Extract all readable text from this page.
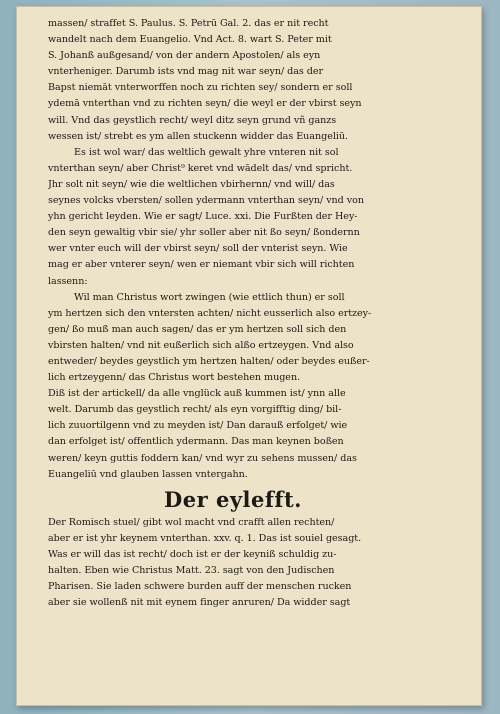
massen/ straffet S. Paulus. S. Petrū Gal. 2. das er nit recht
wandelt nach dem Euangelio. Vnd Act. 8. wart S. Peter mit
S. Johanß außgesand/ von der andern Apostolen/ als eyn
vnterheniger. Darumb ists vnd mag nit war seyn/ das der
Bapst niemāt vnterworffen noch zu richten sey/ sondern er soll
ydemā vnterthan vnd zu richten seyn/ die weyl er der vbirst seyn
will. Vnd das geystlich recht/ weyl ditz seyn grund vñ ganzs
wessen ist/ strebt es ym allen stuckenn widder das Euangeliū.
Es ist wol war/ das weltlich gewalt yhre vnteren nit sol
vnterthan seyn/ aber Christ⁹ keret vnd wādelt das/ vnd spricht.
Jhr solt nit seyn/ wie die weltlichen vbirhernn/ vnd will/ das
seynes volcks vbersten/ sollen ydermann vnterthan seyn/ vnd von
yhn gericht leyden. Wie er sagt/ Luce. xxi. Die Furßten der Hey-
den seyn gewaltig vbir sie/ yhr soller aber nit ßo seyn/ ßondernn
wer vnter euch will der vbirst seyn/ soll der vnterist seyn. Wie
mag er aber vnterer seyn/ wen er niemant vbir sich will richten
lassenn:
Wil man Christus wort zwingen (wie ettlich thun) er soll
ym hertzen sich den vntersten achten/ nicht eusserlich also ertzey-
gen/ ßo muß man auch sagen/ das er ym hertzen soll sich den
vbirsten halten/ vnd nit eußerlich sich alßo ertzeygen. Vnd also
entweder/ beydes geystlich ym hertzen halten/ oder beydes eußer-
lich ertzeygenn/ das Christus wort bestehen mugen.
Diß ist der artickell/ da alle vnglück auß kummen ist/ ynn alle
welt. Darumb das geystlich recht/ als eyn vorgifftig ding/ bil-
lich zuuortilgenn vnd zu meyden ist/ Dan darauß erfolget/ wie
dan erfolget ist/ offentlich ydermann. Das man keynen boßen
weren/ keyn guttis foddern kan/ vnd wyr zu sehens mussen/ das
Euangeliū vnd glauben lassen vntergahn.
Der eylefft.
Der Romisch stuel/ gibt wol macht vnd crafft allen rechten/
aber er ist yhr keynem vnterthan. xxv. q. 1. Das ist souiel gesagt.
Was er will das ist recht/ doch ist er der keyniß schuldig zu-
halten. Eben wie Christus Matt. 23. sagt von den Judischen
Pharisen. Sie laden schwere burden auff der menschen rucken
aber sie wollenß nit mit eynem finger anruren/ Da widder sagt
